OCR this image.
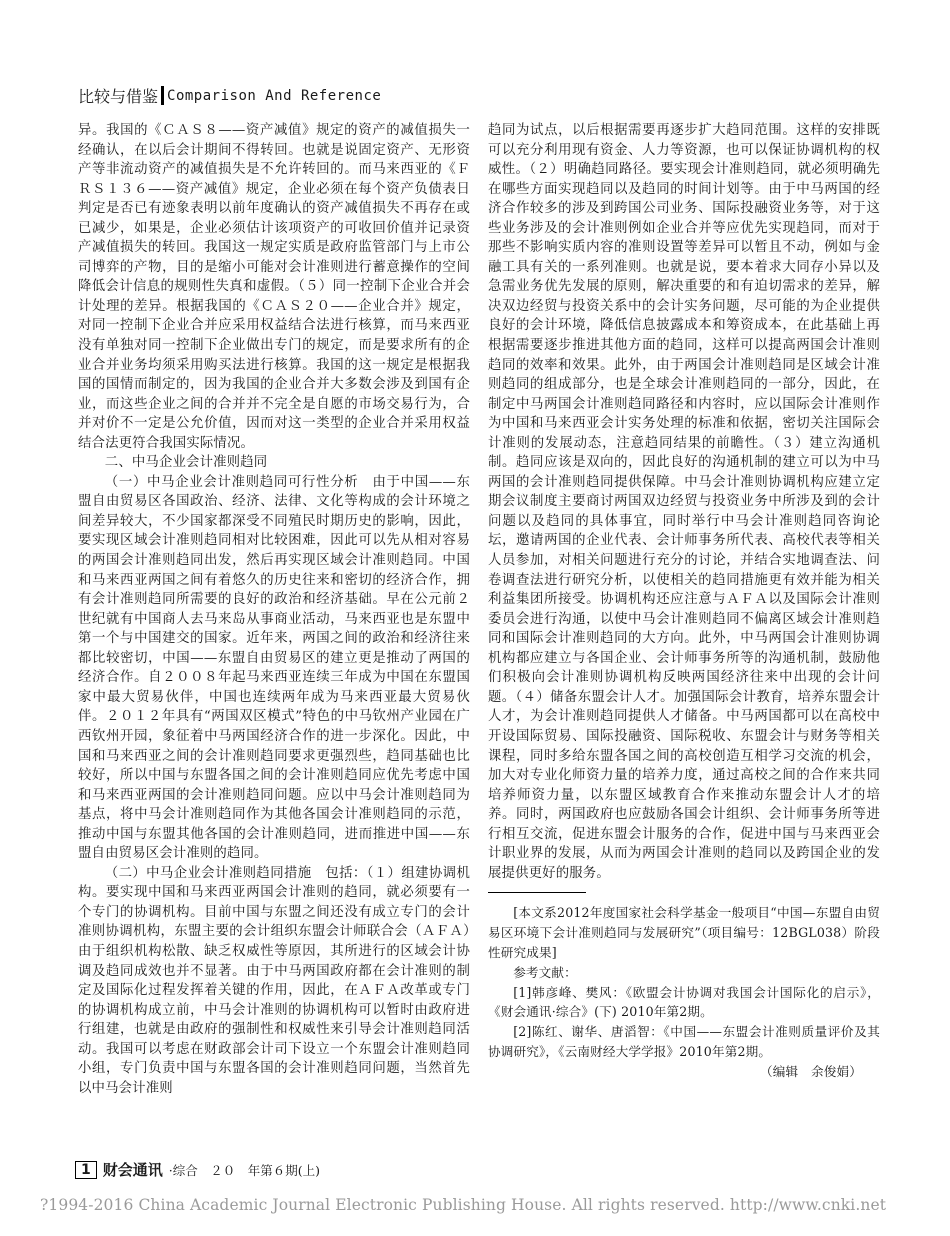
比较与借鉴 Comparison And Reference

异。我国的《ＣＡＳ８——资产减值》规定的资产的减值损失一经确认，在以后会计期间不得转回。也就是说固定资产、无形资产等非流动资产的减值损失是不允许转回的。而马来西亚的《ＦＲＳ１３６——资产减值》规定，企业必须在每个资产负债表日判定是否已有迹象表明以前年度确认的资产减值损失不再存在或已减少，如果是，企业必须估计该项资产的可收回价值并记录资产减值损失的转回。我国这一规定实质是政府监管部门与上市公司博弈的产物，目的是缩小可能对会计准则进行蓄意操作的空间降低会计信息的规则性失真和虚假。（５）同一控制下企业合并会计处理的差异。根据我国的《ＣＡＳ２０——企业合并》规定，对同一控制下企业合并应采用权益结合法进行核算，而马来西亚没有单独对同一控制下企业做出专门的规定，而是要求所有的企业合并业务均须采用购买法进行核算。我国的这一规定是根据我国的国情而制定的，因为我国的企业合并大多数会涉及到国有企业，而这些企业之间的合并并不完全是自愿的市场交易行为，合并对价不一定是公允价值，因而对这一类型的企业合并采用权益结合法更符合我国实际情况。

二、中马企业会计准则趋同

（一）中马企业会计准则趋同可行性分析　由于中国——东盟自由贸易区各国政治、经济、法律、文化等构成的会计环境之间差异较大，不少国家都深受不同殖民时期历史的影响，因此，要实现区域会计准则趋同相对比较困难，因此可以先从相对容易的两国会计准则趋同出发，然后再实现区域会计准则趋同。中国和马来西亚两国之间有着悠久的历史往来和密切的经济合作，拥有会计准则趋同所需要的良好的政治和经济基础。早在公元前２世纪就有中国商人去马来岛从事商业活动，马来西亚也是东盟中第一个与中国建交的国家。近年来，两国之间的政治和经济往来都比较密切，中国——东盟自由贸易区的建立更是推动了两国的经济合作。自２００８年起马来西亚连续三年成为中国在东盟国家中最大贸易伙伴，中国也连续两年成为马来西亚最大贸易伙伴。２０１２年具有“两国双区模式”特色的中马钦州产业园在广西钦州开园，象征着中马两国经济合作的进一步深化。因此，中国和马来西亚之间的会计准则趋同要求更强烈些，趋同基础也比较好，所以中国与东盟各国之间的会计准则趋同应优先考虑中国和马来西亚两国的会计准则趋同问题。应以中马会计准则趋同为基点，将中马会计准则趋同作为其他各国会计准则趋同的示范，推动中国与东盟其他各国的会计准则趋同，进而推进中国——东盟自由贸易区会计准则的趋同。

（二）中马企业会计准则趋同措施　包括：（１）组建协调机构。要实现中国和马来西亚两国会计准则的趋同，就必须要有一个专门的协调机构。目前中国与东盟之间还没有成立专门的会计准则协调机构，东盟主要的会计组织东盟会计师联合会（ＡＦＡ）由于组织机构松散、缺乏权威性等原因，其所进行的区域会计协调及趋同成效也并不显著。由于中马两国政府都在会计准则的制定及国际化过程发挥着关键的作用，因此，在ＡＦＡ改革或专门的协调机构成立前，中马会计准则的协调机构可以暂时由政府进行组建，也就是由政府的强制性和权威性来引导会计准则趋同活动。我国可以考虑在财政部会计司下设立一个东盟会计准则趋同小组，专门负责中国与东盟各国的会计准则趋同问题，当然首先以中马会计准则

趋同为试点，以后根据需要再逐步扩大趋同范围。这样的安排既可以充分利用现有资金、人力等资源，也可以保证协调机构的权威性。（２）明确趋同路径。要实现会计准则趋同，就必须明确先在哪些方面实现趋同以及趋同的时间计划等。由于中马两国的经济合作较多的涉及到跨国公司业务、国际投融资业务等，对于这些业务涉及的会计准则例如企业合并等应优先实现趋同，而对于那些不影响实质内容的准则设置等差异可以暂且不动，例如与金融工具有关的一系列准则。也就是说，要本着求大同存小异以及急需业务优先发展的原则，解决重要的和有迫切需求的差异，解决双边经贸与投资关系中的会计实务问题，尽可能的为企业提供良好的会计环境，降低信息披露成本和筹资成本，在此基础上再根据需要逐步推进其他方面的趋同，这样可以提高两国会计准则趋同的效率和效果。此外，由于两国会计准则趋同是区域会计准则趋同的组成部分，也是全球会计准则趋同的一部分，因此，在制定中马两国会计准则趋同路径和内容时，应以国际会计准则作为中国和马来西亚会计实务处理的标准和依据，密切关注国际会计准则的发展动态，注意趋同结果的前瞻性。（３）建立沟通机制。趋同应该是双向的，因此良好的沟通机制的建立可以为中马两国的会计准则趋同提供保障。中马会计准则协调机构应建立定期会议制度主要商讨两国双边经贸与投资业务中所涉及到的会计问题以及趋同的具体事宜，同时举行中马会计准则趋同咨询论坛，邀请两国的企业代表、会计师事务所代表、高校代表等相关人员参加，对相关问题进行充分的讨论，并结合实地调查法、问卷调查法进行研究分析，以使相关的趋同措施更有效并能为相关利益集团所接受。协调机构还应注意与ＡＦＡ以及国际会计准则委员会进行沟通，以使中马会计准则趋同不偏离区域会计准则趋同和国际会计准则趋同的大方向。此外，中马两国会计准则协调机构都应建立与各国企业、会计师事务所等的沟通机制，鼓励他们积极向会计准则协调机构反映两国经济往来中出现的会计问题。（４）储备东盟会计人才。加强国际会计教育，培养东盟会计人才，为会计准则趋同提供人才储备。中马两国都可以在高校中开设国际贸易、国际投融资、国际税收、东盟会计与财务等相关课程，同时多给东盟各国之间的高校创造互相学习交流的机会，加大对专业化师资力量的培养力度，通过高校之间的合作来共同培养师资力量，以东盟区域教育合作来推动东盟会计人才的培养。同时，两国政府也应鼓励各国会计组织、会计师事务所等进行相互交流，促进东盟会计服务的合作，促进中国与马来西亚会计职业界的发展，从而为两国会计准则的趋同以及跨国企业的发展提供更好的服务。

[本文系2012年度国家社会科学基金一般项目“中国—东盟自由贸易区环境下会计准则趋同与发展研究”（项目编号：12BGL038）阶段性研究成果]

参考文献：

[1]韩彦峰、樊风：《欧盟会计协调对我国会计国际化的启示》，《财会通讯·综合》(下) 2010年第2期。

[2]陈红、谢华、唐滔智：《中国——东盟会计准则质量评价及其协调研究》，《云南财经大学学报》2010年第2期。

（编辑　余俊娟）

1 财会通讯 ·综合　２０　年第６期(上)
?1994-2016 China Academic Journal Electronic Publishing House. All rights reserved. http://www.cnki.net
